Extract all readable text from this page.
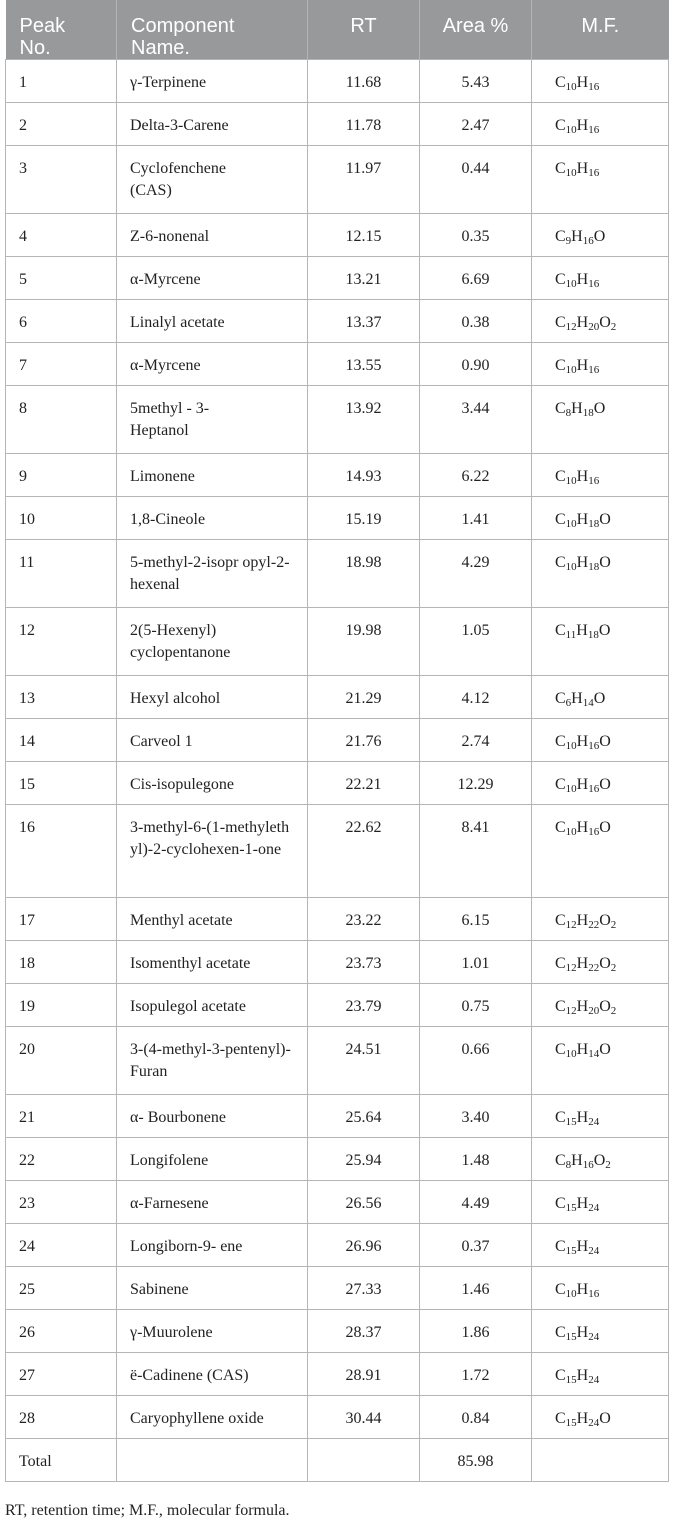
Peak No.	Component Name.	RT	Area %	M.F.
1	γ-Terpinene	11.68	5.43	$C_{10}H_{16}$
2	Delta-3-Carene	11.78	2.47	$C_{10}H_{16}$
3	Cyclofenchene (CAS)	11.97	0.44	$C_{10}H_{16}$
4	Z-6-nonenal	12.15	0.35	$C_9H_{16}O$
5	α-Myrcene	13.21	6.69	$C_{10}H_{16}$
6	Linalyl acetate	13.37	0.38	$C_{12}H_{20}O_2$
7	α-Myrcene	13.55	0.90	$C_{10}H_{16}$
8	5methyl - 3-Heptanol	13.92	3.44	$C_8H_{18}O$
9	Limonene	14.93	6.22	$C_{10}H_{16}$
10	1,8-Cineole	15.19	1.41	$C_{10}H_{18}O$
11	5-methyl-2-isopr opyl-2-hexenal	18.98	4.29	$C_{10}H_{18}O$
12	2(5-Hexenyl) cyclopentanone	19.98	1.05	$C_{11}H_{18}O$
13	Hexyl alcohol	21.29	4.12	$C_6H_{14}O$
14	Carveol 1	21.76	2.74	$C_{10}H_{16}O$
15	Cis-isopulegone	22.21	12.29	$C_{10}H_{16}O$
16	3-methyl-6-(1-methylethyl)-2-cyclohexen-1-one	22.62	8.41	$C_{10}H_{16}O$
17	Menthyl acetate	23.22	6.15	$C_{12}H_{22}O_2$
18	Isomenthyl acetate	23.73	1.01	$C_{12}H_{22}O_2$
19	Isopulegol acetate	23.79	0.75	$C_{12}H_{20}O_2$
20	3-(4-methyl-3-pentenyl)-Furan	24.51	0.66	$C_{10}H_{14}O$
21	α- Bourbonene	25.64	3.40	$C_{15}H_{24}$
22	Longifolene	25.94	1.48	$C_8H_{16}O_2$
23	α-Farnesene	26.56	4.49	$C_{15}H_{24}$
24	Longiborn-9- ene	26.96	0.37	$C_{15}H_{24}$
25	Sabinene	27.33	1.46	$C_{10}H_{16}$
26	γ-Muurolene	28.37	1.86	$C_{15}H_{24}$
27	ë-Cadinene (CAS)	28.91	1.72	$C_{15}H_{24}$
28	Caryophyllene oxide	30.44	0.84	$C_{15}H_{24}O$
Total			85.98	
RT, retention time; M.F., molecular formula.
